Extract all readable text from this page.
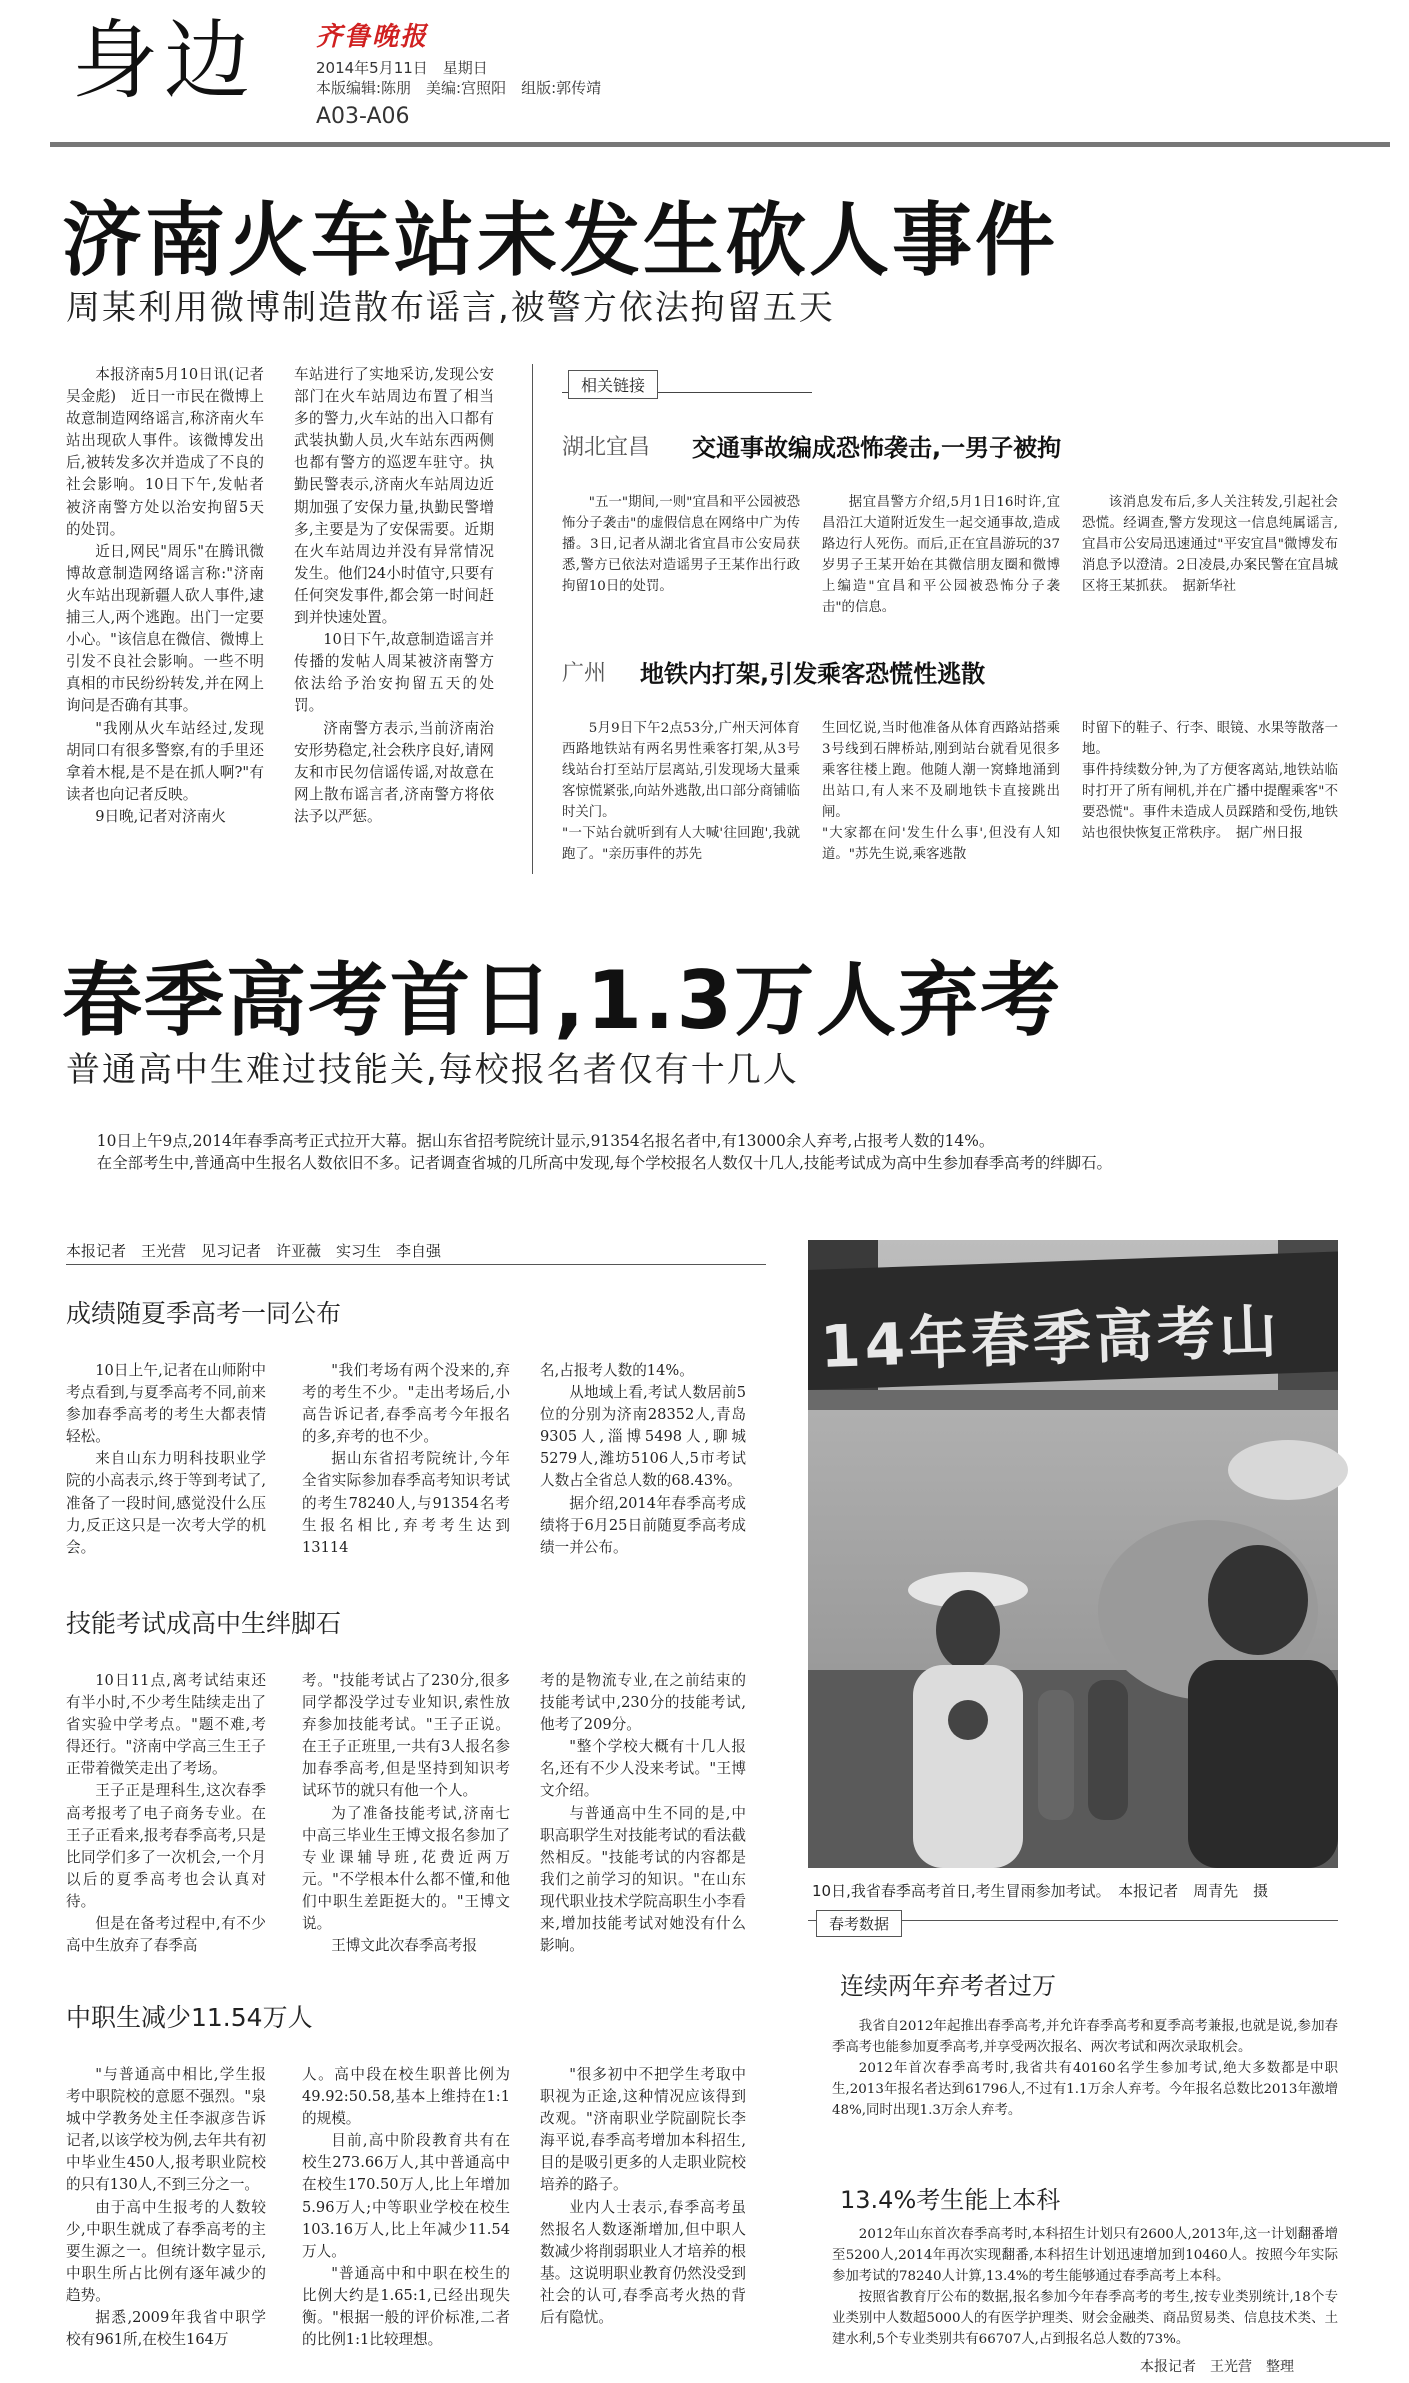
身边 齐鲁晚报
2014年5月11日　星期日
本版编辑:陈朋　美编:宫照阳　组版:郭传靖
A03-A06
济南火车站未发生砍人事件
周某利用微博制造散布谣言,被警方依法拘留五天

本报济南5月10日讯(记者　吴金彪)　近日一市民在微博上故意制造网络谣言,称济南火车站出现砍人事件。该微博发出后,被转发多次并造成了不良的社会影响。10日下午,发帖者被济南警方处以治安拘留5天的处罚。

近日,网民"周乐"在腾讯微博故意制造网络谣言称:"济南火车站出现新疆人砍人事件,逮捕三人,两个逃跑。出门一定要小心。"该信息在微信、微博上引发不良社会影响。一些不明真相的市民纷纷转发,并在网上询问是否确有其事。

"我刚从火车站经过,发现胡同口有很多警察,有的手里还拿着木棍,是不是在抓人啊?"有读者也向记者反映。

9日晚,记者对济南火

车站进行了实地采访,发现公安部门在火车站周边布置了相当多的警力,火车站的出入口都有武装执勤人员,火车站东西两侧也都有警方的巡逻车驻守。执勤民警表示,济南火车站周边近期加强了安保力量,执勤民警增多,主要是为了安保需要。近期在火车站周边并没有异常情况发生。他们24小时值守,只要有任何突发事件,都会第一时间赶到并快速处置。

10日下午,故意制造谣言并传播的发帖人周某被济南警方依法给予治安拘留五天的处罚。

济南警方表示,当前济南治安形势稳定,社会秩序良好,请网友和市民勿信谣传谣,对故意在网上散布谣言者,济南警方将依法予以严惩。

相关链接
湖北宜昌 交通事故编成恐怖袭击,一男子被拘

"五一"期间,一则"宜昌和平公园被恐怖分子袭击"的虚假信息在网络中广为传播。3日,记者从湖北省宜昌市公安局获悉,警方已依法对造谣男子王某作出行政拘留10日的处罚。

据宜昌警方介绍,5月1日16时许,宜昌沿江大道附近发生一起交通事故,造成路边行人死伤。而后,正在宜昌游玩的37岁男子王某开始在其微信朋友圈和微博上编造"宜昌和平公园被恐怖分子袭击"的信息。

该消息发布后,多人关注转发,引起社会恐慌。经调查,警方发现这一信息纯属谣言,宜昌市公安局迅速通过"平安宜昌"微博发布消息予以澄清。2日凌晨,办案民警在宜昌城区将王某抓获。　据新华社

广州 地铁内打架,引发乘客恐慌性逃散

5月9日下午2点53分,广州天河体育西路地铁站有两名男性乘客打架,从3号线站台打至站厅层离站,引发现场大量乘客惊慌紧张,向站外逃散,出口部分商铺临时关门。
"一下站台就听到有人大喊'往回跑',我就跑了。"亲历事件的苏先

生回忆说,当时他准备从体育西路站搭乘3号线到石牌桥站,刚到站台就看见很多乘客往楼上跑。他随人潮一窝蜂地涌到出站口,有人来不及刷地铁卡直接跳出闸。
"大家都在问'发生什么事',但没有人知道。"苏先生说,乘客逃散

时留下的鞋子、行李、眼镜、水果等散落一地。
事件持续数分钟,为了方便客离站,地铁站临时打开了所有闸机,并在广播中提醒乘客"不要恐慌"。事件未造成人员踩踏和受伤,地铁站也很快恢复正常秩序。　据广州日报

春季高考首日,1.3万人弃考
普通高中生难过技能关,每校报名者仅有十几人

10日上午9点,2014年春季高考正式拉开大幕。据山东省招考院统计显示,91354名报名者中,有13000余人弃考,占报考人数的14%。

在全部考生中,普通高中生报名人数依旧不多。记者调查省城的几所高中发现,每个学校报名人数仅十几人,技能考试成为高中生参加春季高考的绊脚石。

本报记者　王光营　见习记者　许亚薇　实习生　李自强
成绩随夏季高考一同公布

10日上午,记者在山师附中考点看到,与夏季高考不同,前来参加春季高考的考生大都表情轻松。

来自山东力明科技职业学院的小高表示,终于等到考试了,准备了一段时间,感觉没什么压力,反正这只是一次考大学的机会。

"我们考场有两个没来的,弃考的考生不少。"走出考场后,小高告诉记者,春季高考今年报名的多,弃考的也不少。

据山东省招考院统计,今年全省实际参加春季高考知识考试的考生78240人,与91354名考生报名相比,弃考考生达到13114

名,占报考人数的14%。

从地域上看,考试人数居前5位的分别为济南28352人,青岛9305人,淄博5498人,聊城5279人,潍坊5106人,5市考试人数占全省总人数的68.43%。

据介绍,2014年春季高考成绩将于6月25日前随夏季高考成绩一并公布。

技能考试成高中生绊脚石

10日11点,离考试结束还有半小时,不少考生陆续走出了省实验中学考点。"题不难,考得还行。"济南中学高三生王子正带着微笑走出了考场。

王子正是理科生,这次春季高考报考了电子商务专业。在王子正看来,报考春季高考,只是比同学们多了一次机会,一个月以后的夏季高考也会认真对待。

但是在备考过程中,有不少高中生放弃了春季高

考。"技能考试占了230分,很多同学都没学过专业知识,索性放弃参加技能考试。"王子正说。在王子正班里,一共有3人报名参加春季高考,但是坚持到知识考试环节的就只有他一个人。

为了准备技能考试,济南七中高三毕业生王博文报名参加了专业课辅导班,花费近两万元。"不学根本什么都不懂,和他们中职生差距挺大的。"王博文说。

王博文此次春季高考报

考的是物流专业,在之前结束的技能考试中,230分的技能考试,他考了209分。

"整个学校大概有十几人报名,还有不少人没来考试。"王博文介绍。

与普通高中生不同的是,中职高职学生对技能考试的看法截然相反。"技能考试的内容都是我们之前学习的知识。"在山东现代职业技术学院高职生小李看来,增加技能考试对她没有什么影响。

中职生减少11.54万人

"与普通高中相比,学生报考中职院校的意愿不强烈。"泉城中学教务处主任李淑彦告诉记者,以该学校为例,去年共有初中毕业生450人,报考职业院校的只有130人,不到三分之一。

由于高中生报考的人数较少,中职生就成了春季高考的主要生源之一。但统计数字显示,中职生所占比例有逐年减少的趋势。

据悉,2009年我省中职学校有961所,在校生164万

人。高中段在校生职普比例为49.92:50.58,基本上维持在1:1的规模。

目前,高中阶段教育共有在校生273.66万人,其中普通高中在校生170.50万人,比上年增加5.96万人;中等职业学校在校生103.16万人,比上年减少11.54万人。

"普通高中和中职在校生的比例大约是1.65:1,已经出现失衡。"根据一般的评价标准,二者的比例1:1比较理想。

"很多初中不把学生考取中职视为正途,这种情况应该得到改观。"济南职业学院副院长李海平说,春季高考增加本科招生,目的是吸引更多的人走职业院校培养的路子。

业内人士表示,春季高考虽然报名人数逐渐增加,但中职人数减少将削弱职业人才培养的根基。这说明职业教育仍然没受到社会的认可,春季高考火热的背后有隐忧。

14年春季高考山
10日,我省春季高考首日,考生冒雨参加考试。　本报记者　周青先　摄
春考数据
连续两年弃考者过万

我省自2012年起推出春季高考,并允许春季高考和夏季高考兼报,也就是说,参加春季高考也能参加夏季高考,并享受两次报名、两次考试和两次录取机会。

2012年首次春季高考时,我省共有40160名学生参加考试,绝大多数都是中职生,2013年报名者达到61796人,不过有1.1万余人弃考。今年报名总数比2013年激增48%,同时出现1.3万余人弃考。

13.4%考生能上本科

2012年山东首次春季高考时,本科招生计划只有2600人,2013年,这一计划翻番增至5200人,2014年再次实现翻番,本科招生计划迅速增加到10460人。按照今年实际参加考试的78240人计算,13.4%的考生能够通过春季高考上本科。

按照省教育厅公布的数据,报名参加今年春季高考的考生,按专业类别统计,18个专业类别中人数超5000人的有医学护理类、财会金融类、商品贸易类、信息技术类、土建水利,5个专业类别共有66707人,占到报名总人数的73%。

本报记者　王光营　整理
